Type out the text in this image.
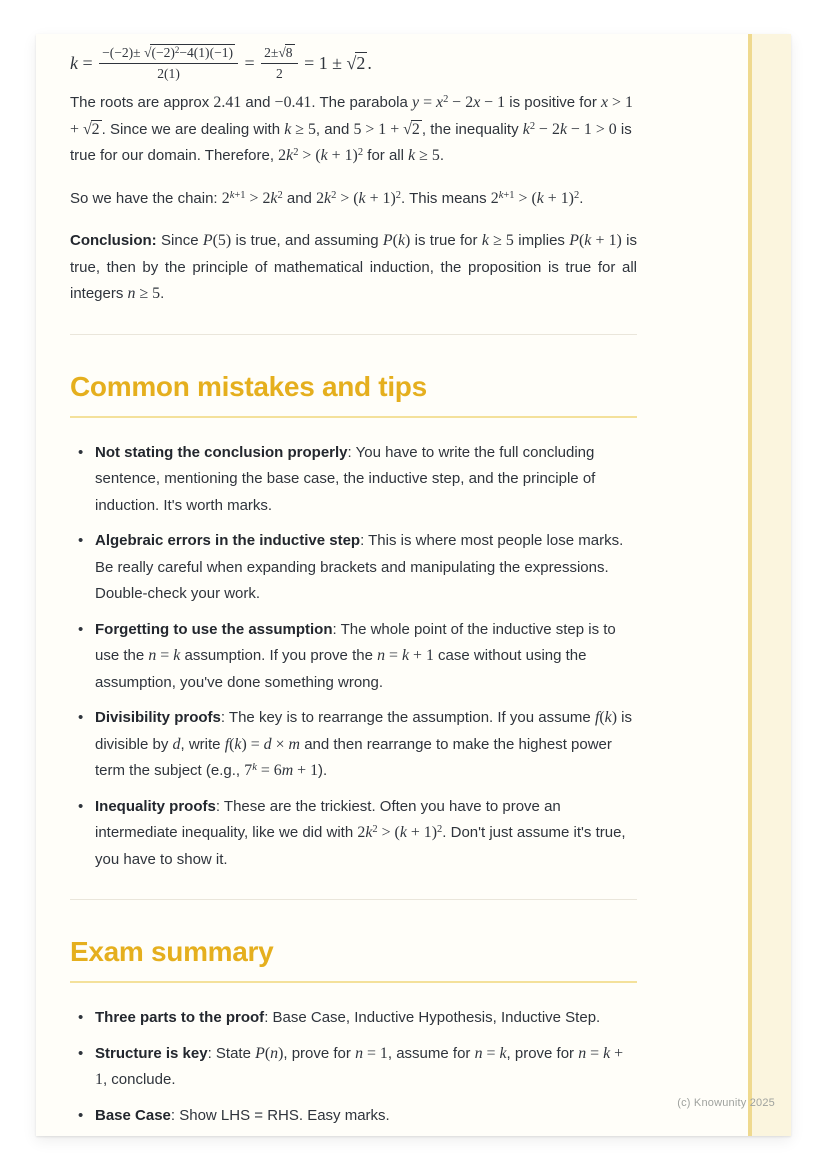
$k = \frac{-(-2)\pm √(-2)^2-4(1)(-1)}{2(1)} = \frac{2\pm√8}{2} = 1 \pm √2$ .

The roots are approx 2.41 and −0.41. The parabola $y = x^2 - 2x - 1$ is positive for x > 1 + √2 . Since we are dealing with k ≥ 5, and 5 > 1 + √2 , the inequality $k^2 - 2k - 1 > 0$ is true for our domain. Therefore, $2k^2 > (k + 1)^2$ for all k ≥ 5.

So we have the chain: $2^{k+1} > 2k^2$ and $2k^2 > (k + 1)^2$. This means $2^{k+1} > (k + 1)^2$.

Conclusion: Since P(5) is true, and assuming P(k) is true for k ≥ 5 implies P(k + 1) is true, then by the principle of mathematical induction, the proposition is true for all integers n ≥ 5.

Common mistakes and tips
• Not stating the conclusion properly: You have to write the full concluding sentence, mentioning the base case, the inductive step, and the principle of induction. It's worth marks.
• Algebraic errors in the inductive step: This is where most people lose marks. Be really careful when expanding brackets and manipulating the expressions. Double-check your work.
• Forgetting to use the assumption: The whole point of the inductive step is to use the n = k assumption. If you prove the n = k + 1 case without using the assumption, you've done something wrong.
• Divisibility proofs: The key is to rearrange the assumption. If you assume f(k) is divisible by d, write f(k) = d × m and then rearrange to make the highest power term the subject (e.g., $7^k = 6m + 1$).
• Inequality proofs: These are the trickiest. Often you have to prove an intermediate inequality, like we did with $2k^2 > (k + 1)^2$. Don't just assume it's true, you have to show it.
Exam summary
• Three parts to the proof: Base Case, Inductive Hypothesis, Inductive Step.
• Structure is key: State P(n), prove for n = 1, assume for n = k, prove for n = k + 1, conclude.
• Base Case: Show LHS = RHS. Easy marks.
(c) Knowunity 2025
